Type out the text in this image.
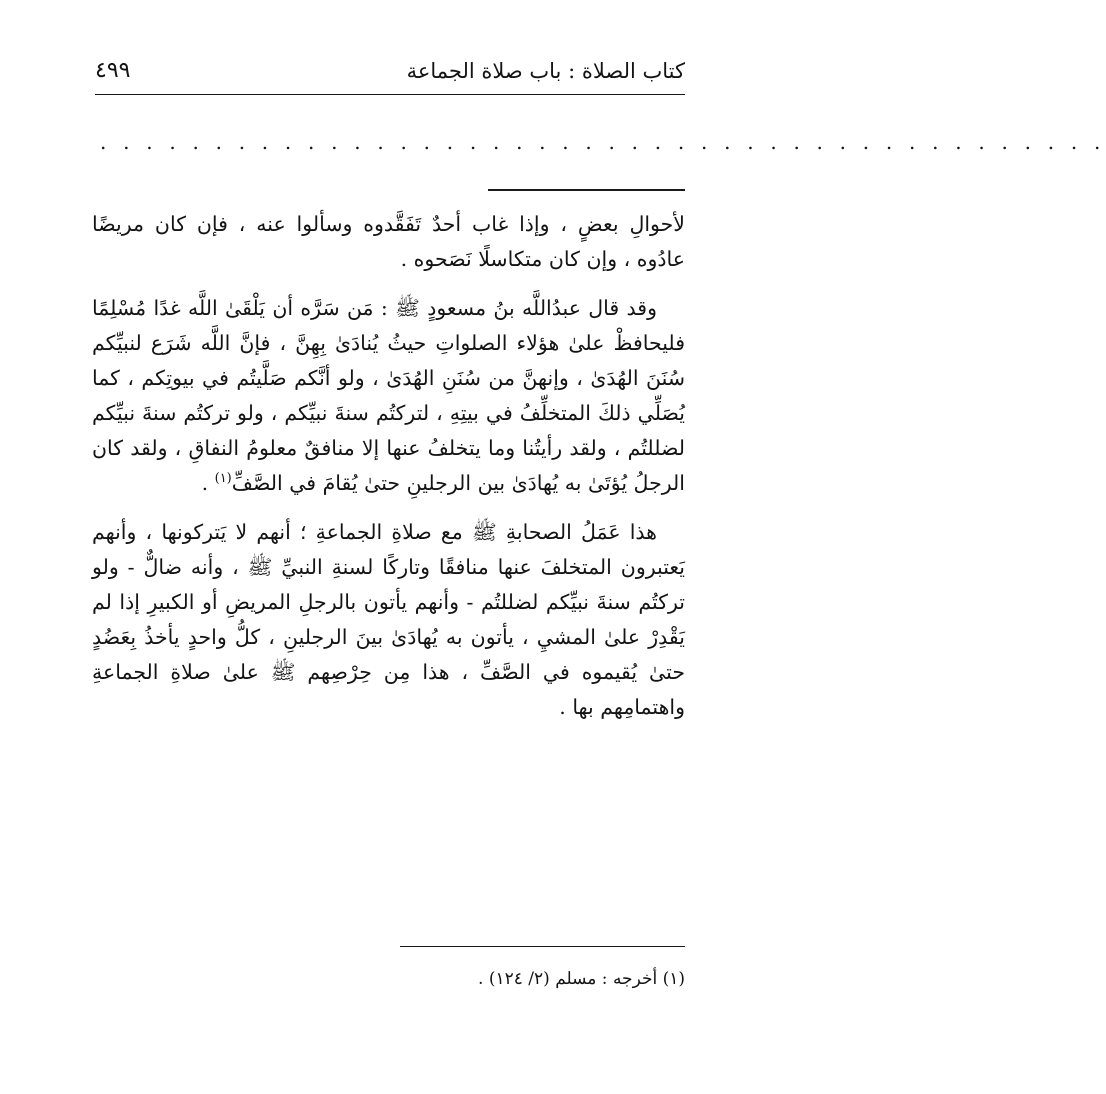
كتاب الصلاة : باب صلاة الجماعة
٤٩٩
. . . . . . . . . . . . . . . . . . . . . . . . . . . . . . . . . . . . . . . . . . . .

لأحوالِ بعضٍ ، وإذا غاب أحدٌ تَفَقَّدوه وسألوا عنه ، فإن كان مريضًا عادُوه ، وإن كان متكاسلًا نَصَحوه .

وقد قال عبدُاللَّه بنُ مسعودٍ ﷺ : مَن سَرَّه أن يَلْقَىٰ اللَّه غدًا مُسْلِمًا فليحافظْ علىٰ هؤلاء الصلواتِ حيثُ يُنادَىٰ بِهِنَّ ، فإنَّ اللَّه شَرَع لنبيِّكم سُنَنَ الهُدَىٰ ، وإنهنَّ من سُنَنِ الهُدَىٰ ، ولو أنَّكم صَلَّيتُم في بيوتِكم ، كما يُصَلِّي ذلكَ المتخلِّفُ في بيتِهِ ، لتركتُم سنةَ نبيِّكم ، ولو تركتُم سنةَ نبيِّكم لضللتُم ، ولقد رأيتُنا وما يتخلفُ عنها إلا منافقٌ معلومُ النفاقِ ، ولقد كان الرجلُ يُؤتَىٰ به يُهادَىٰ بين الرجلينِ حتىٰ يُقامَ في الصَّفِّ$^{(١)}$ .

هذا عَمَلُ الصحابةِ ﷺ مع صلاةِ الجماعةِ ؛ أنهم لا يَتركونها ، وأنهم يَعتبرون المتخلفَ عنها منافقًا وتاركًا لسنةِ النبيِّ ﷺ ، وأنه ضالٌّ - ولو تركتُم سنةَ نبيِّكم لضللتُم - وأنهم يأتون بالرجلِ المريضِ أو الكبيرِ إذا لم يَقْدِرْ علىٰ المشيِ ، يأتون به يُهادَىٰ بينَ الرجلينِ ، كلُّ واحدٍ يأخذُ بِعَضُدٍ حتىٰ يُقيموه في الصَّفِّ ، هذا مِن حِرْصِهم ﷺ علىٰ صلاةِ الجماعةِ واهتمامِهم بها .

(١) أخرجه : مسلم (٢/ ١٢٤) .
